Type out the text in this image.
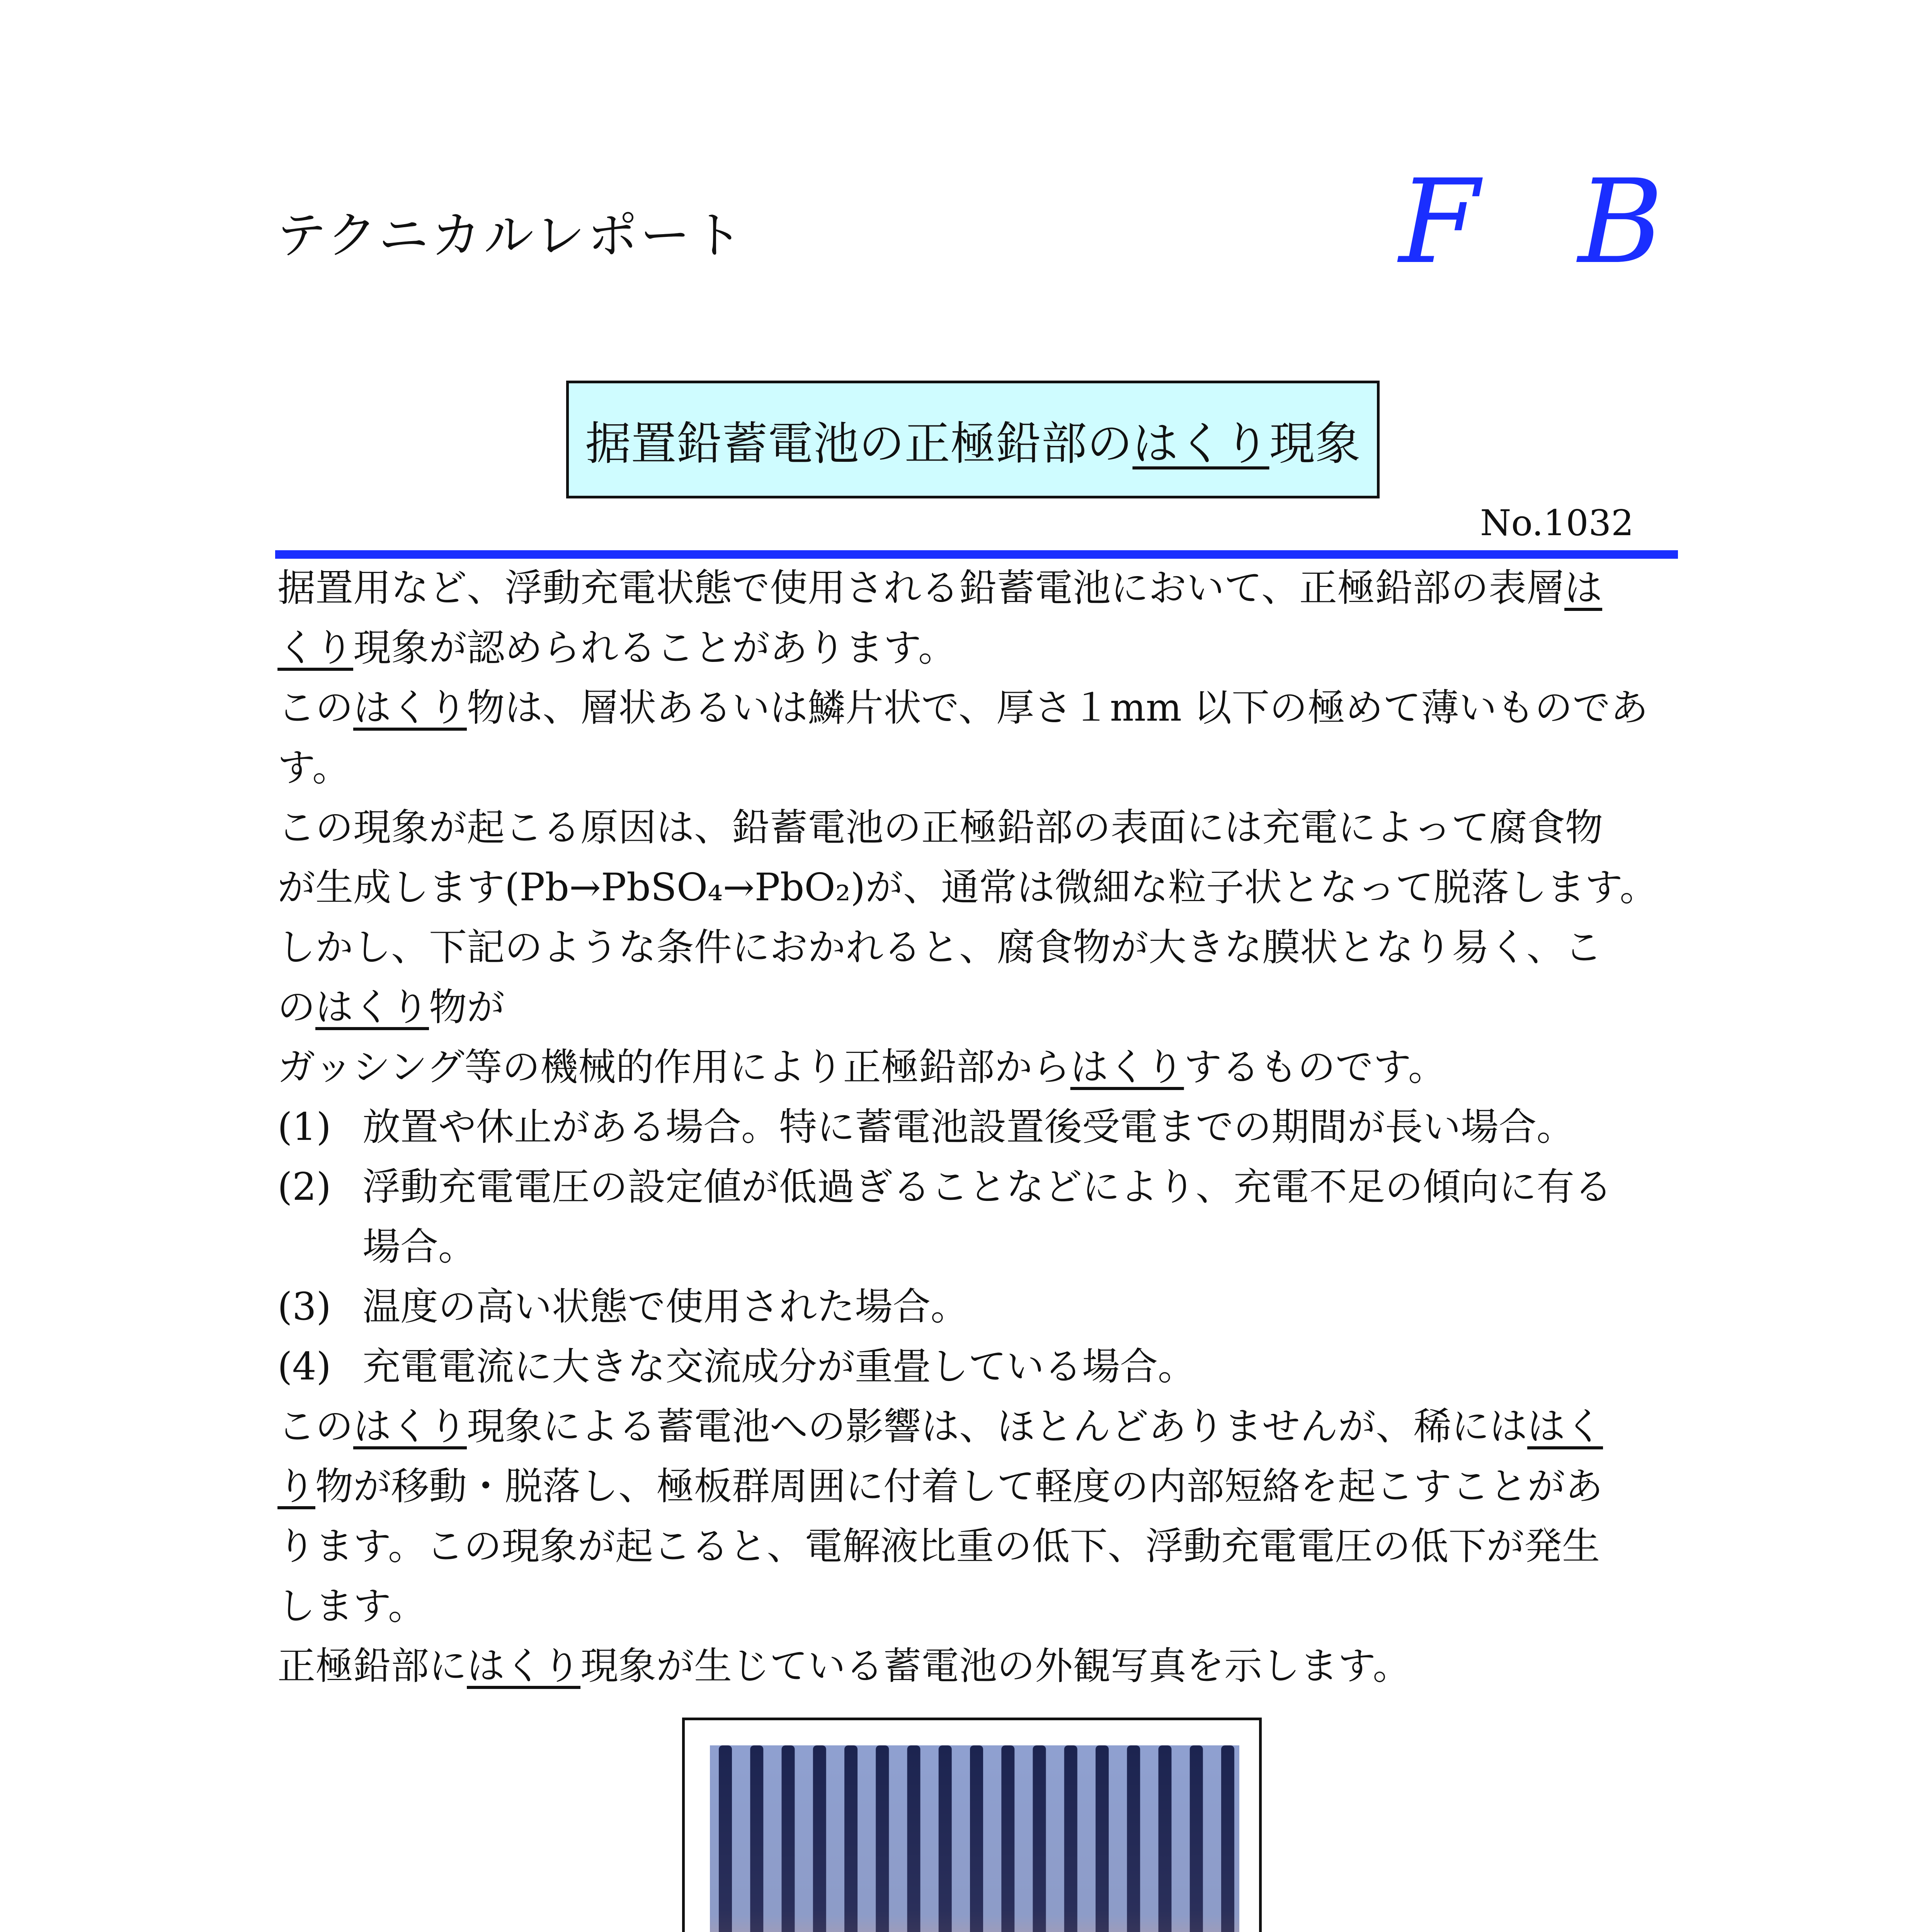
テクニカルレポート	F B
据置鉛蓄電池の正極鉛部のはくり現象
No.1032

据置用など、浮動充電状態で使用される鉛蓄電池において、正極鉛部の表層は

くり現象が認められることがあります。

このはくり物は、層状あるいは鱗片状で、厚さ１mm 以下の極めて薄いものであ

す。

この現象が起こる原因は、鉛蓄電池の正極鉛部の表面には充電によって腐食物

が生成します(Pb→PbSO₄→PbO₂)が、通常は微細な粒子状となって脱落します。

しかし、下記のような条件におかれると、腐食物が大きな膜状となり易く、こ

のはくり物が

ガッシング等の機械的作用により正極鉛部からはくりするものです。

(1) 放置や休止がある場合。特に蓄電池設置後受電までの期間が長い場合。

(2) 浮動充電電圧の設定値が低過ぎることなどにより、充電不足の傾向に有る

場合。

(3) 温度の高い状態で使用された場合。

(4) 充電電流に大きな交流成分が重畳している場合。

このはくり現象による蓄電池への影響は、ほとんどありませんが、稀にははく

り物が移動・脱落し、極板群周囲に付着して軽度の内部短絡を起こすことがあ

ります。この現象が起こると、電解液比重の低下、浮動充電電圧の低下が発生

します。

正極鉛部にはくり現象が生じている蓄電池の外観写真を示します。
